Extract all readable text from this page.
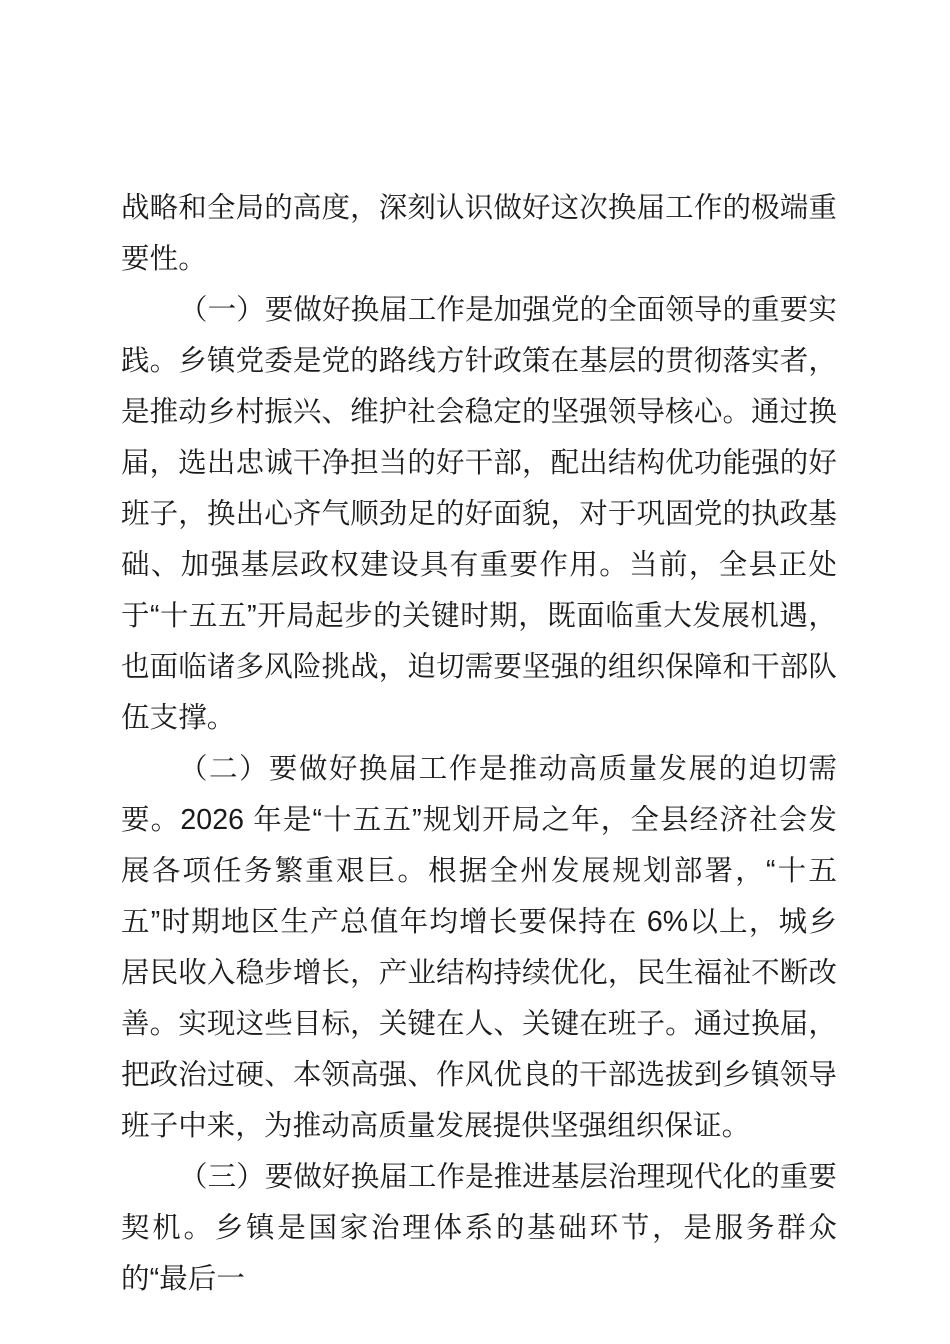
战略和全局的高度，深刻认识做好这次换届工作的极端重要性。

（一）要做好换届工作是加强党的全面领导的重要实践。乡镇党委是党的路线方针政策在基层的贯彻落实者，是推动乡村振兴、维护社会稳定的坚强领导核心。通过换届，选出忠诚干净担当的好干部，配出结构优功能强的好班子，换出心齐气顺劲足的好面貌，对于巩固党的执政基础、加强基层政权建设具有重要作用。当前，全县正处于“十五五”开局起步的关键时期，既面临重大发展机遇，也面临诸多风险挑战，迫切需要坚强的组织保障和干部队伍支撑。

（二）要做好换届工作是推动高质量发展的迫切需要。2026 年是“十五五”规划开局之年，全县经济社会发展各项任务繁重艰巨。根据全州发展规划部署，“十五五”时期地区生产总值年均增长要保持在 6%以上，城乡居民收入稳步增长，产业结构持续优化，民生福祉不断改善。实现这些目标，关键在人、关键在班子。通过换届，把政治过硬、本领高强、作风优良的干部选拔到乡镇领导班子中来，为推动高质量发展提供坚强组织保证。

（三）要做好换届工作是推进基层治理现代化的重要契机。乡镇是国家治理体系的基础环节，是服务群众的“最后一
